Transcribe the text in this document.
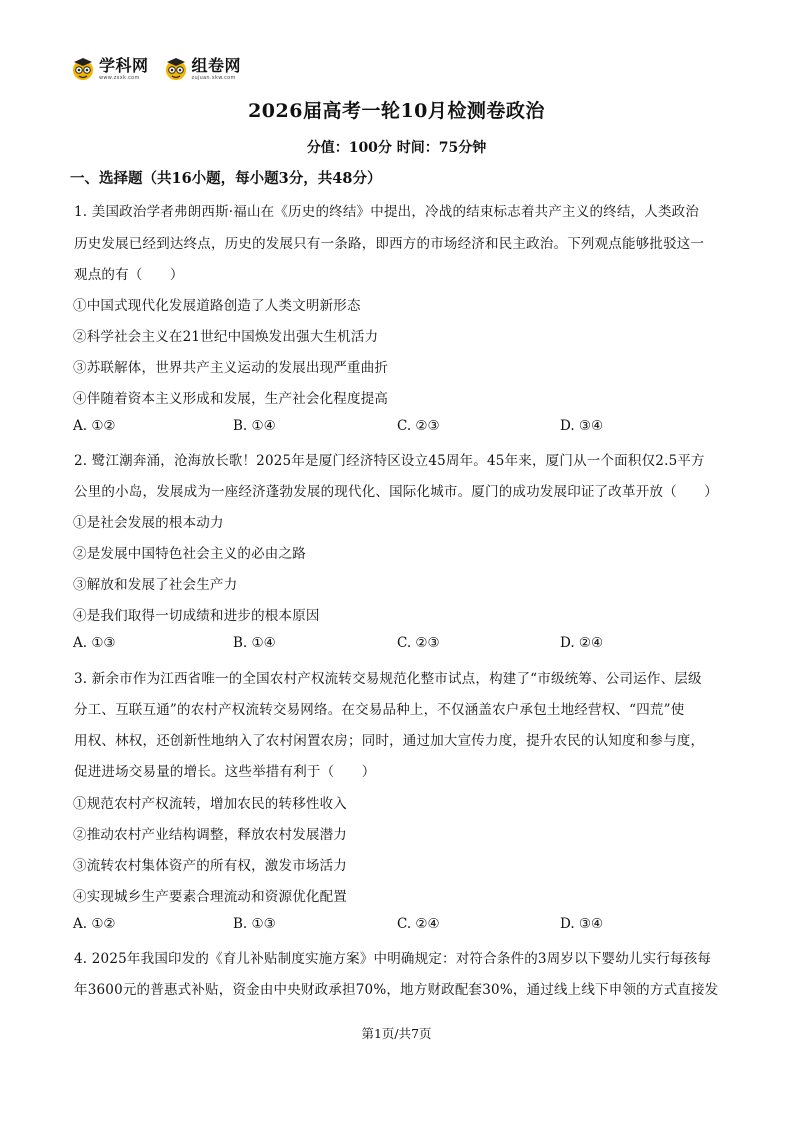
学科网
www.zxxk.com
组卷网
zujuan.xkw.com
2026届高考一轮10月检测卷政治
分值：100分 时间：75分钟
一、选择题（共16小题，每小题3分，共48分）
1. 美国政治学者弗朗西斯·福山在《历史的终结》中提出，冷战的结束标志着共产主义的终结，人类政治
历史发展已经到达终点，历史的发展只有一条路，即西方的市场经济和民主政治。下列观点能够批驳这一
观点的有（　　）
①中国式现代化发展道路创造了人类文明新形态
②科学社会主义在21世纪中国焕发出强大生机活力
③苏联解体，世界共产主义运动的发展出现严重曲折
④伴随着资本主义形成和发展，生产社会化程度提高
A. ①②	B. ①④	C. ②③	D. ③④
2. 鹭江潮奔涌，沧海放长歌！2025年是厦门经济特区设立45周年。45年来，厦门从一个面积仅2.5平方
公里的小岛，发展成为一座经济蓬勃发展的现代化、国际化城市。厦门的成功发展印证了改革开放（　　）
①是社会发展的根本动力
②是发展中国特色社会主义的必由之路
③解放和发展了社会生产力
④是我们取得一切成绩和进步的根本原因
A. ①③	B. ①④	C. ②③	D. ②④
3. 新余市作为江西省唯一的全国农村产权流转交易规范化整市试点，构建了“市级统筹、公司运作、层级
分工、互联互通”的农村产权流转交易网络。在交易品种上，不仅涵盖农户承包土地经营权、“四荒”使
用权、林权，还创新性地纳入了农村闲置农房；同时，通过加大宣传力度，提升农民的认知度和参与度，
促进进场交易量的增长。这些举措有利于（　　）
①规范农村产权流转，增加农民的转移性收入
②推动农村产业结构调整，释放农村发展潜力
③流转农村集体资产的所有权，激发市场活力
④实现城乡生产要素合理流动和资源优化配置
A. ①②	B. ①③	C. ②④	D. ③④
4. 2025年我国印发的《育儿补贴制度实施方案》中明确规定：对符合条件的3周岁以下婴幼儿实行每孩每
年3600元的普惠式补贴，资金由中央财政承担70%，地方财政配套30%，通过线上线下申领的方式直接发
第1页/共7页
